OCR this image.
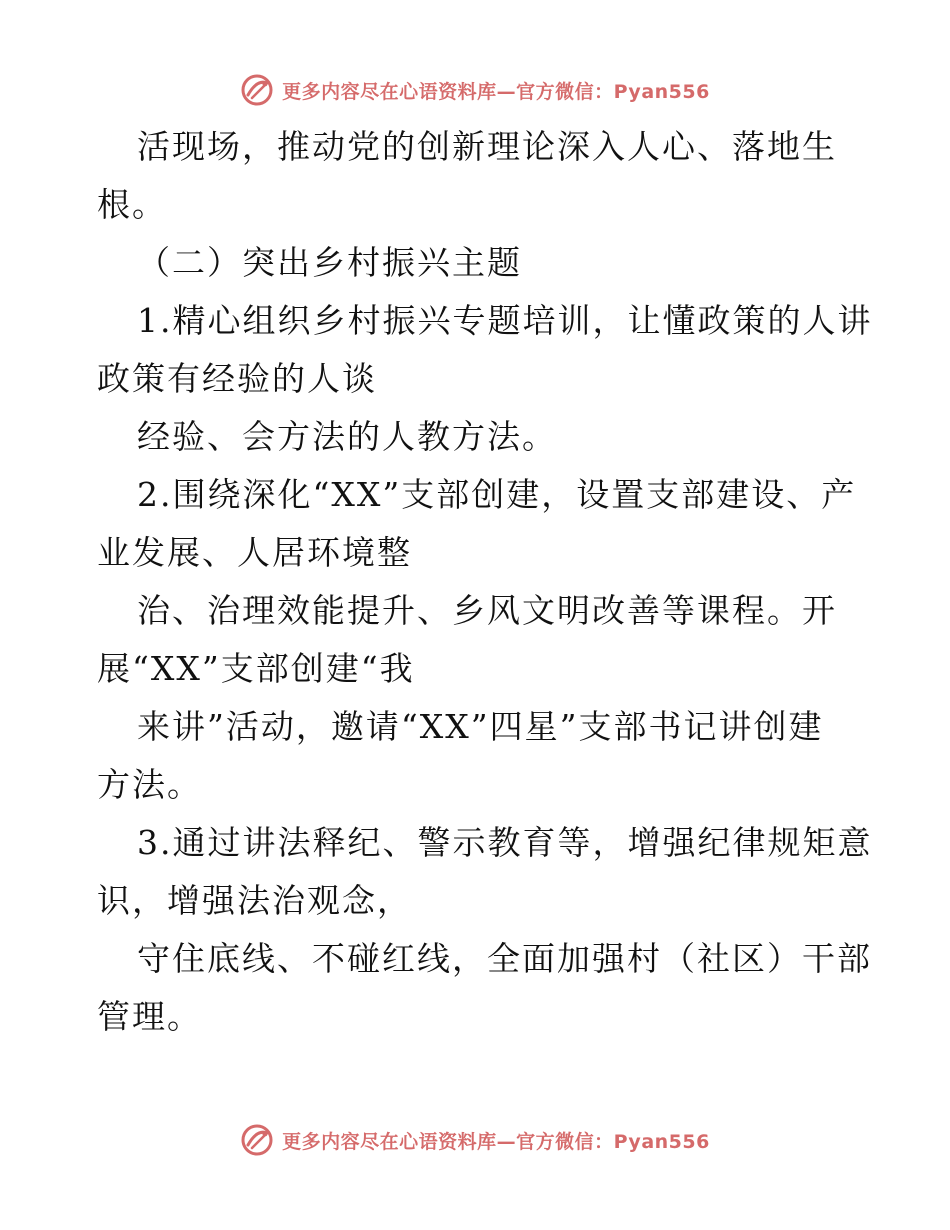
更多内容尽在心语资料库—官方微信：Pyan556
活现场，推动党的创新理论深入人心、落地生
根。
（二）突出乡村振兴主题
1.精心组织乡村振兴专题培训，让懂政策的人讲
政策有经验的人谈
经验、会方法的人教方法。
2.围绕深化“XX”支部创建，设置支部建设、产
业发展、人居环境整
治、治理效能提升、乡风文明改善等课程。开
展“XX”支部创建“我
来讲”活动，邀请“XX”四星”支部书记讲创建
方法。
3.通过讲法释纪、警示教育等，增强纪律规矩意
识，增强法治观念，
守住底线、不碰红线，全面加强村（社区）干部
管理。
更多内容尽在心语资料库—官方微信：Pyan556
